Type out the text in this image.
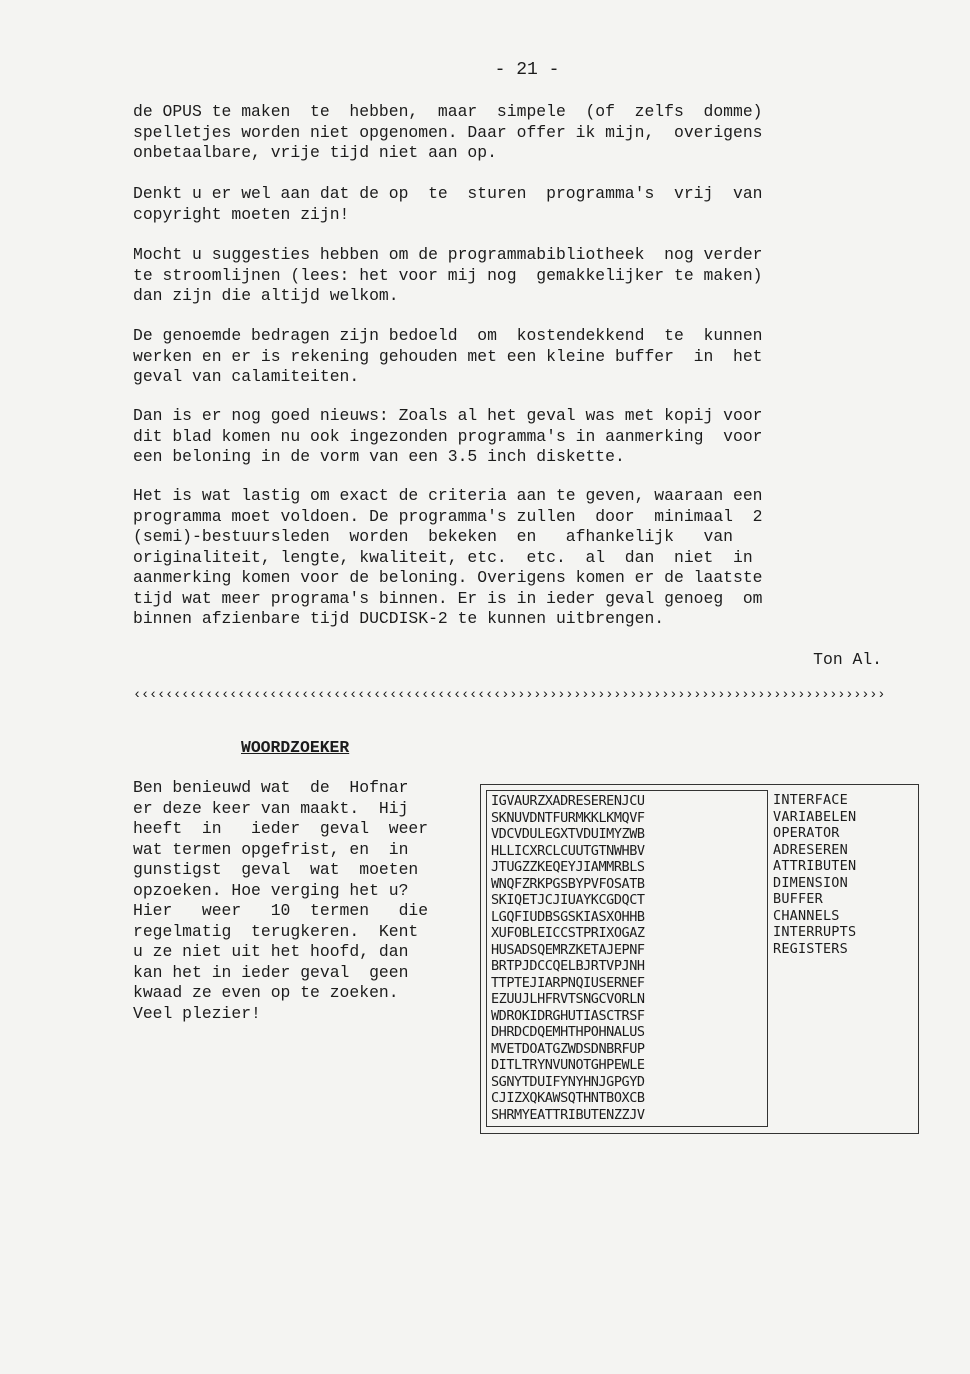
- 21 -
de OPUS te maken  te  hebben,  maar  simpele  (of  zelfs  domme)
spelletjes worden niet opgenomen. Daar offer ik mijn,  overigens
onbetaalbare, vrije tijd niet aan op.
Denkt u er wel aan dat de op  te  sturen  programma's  vrij  van
copyright moeten zijn!
Mocht u suggesties hebben om de programmabibliotheek  nog verder
te stroomlijnen (lees: het voor mij nog  gemakkelijker te maken)
dan zijn die altijd welkom.
De genoemde bedragen zijn bedoeld  om  kostendekkend  te  kunnen
werken en er is rekening gehouden met een kleine buffer  in  het
geval van calamiteiten.
Dan is er nog goed nieuws: Zoals al het geval was met kopij voor
dit blad komen nu ook ingezonden programma's in aanmerking  voor
een beloning in de vorm van een 3.5 inch diskette.
Het is wat lastig om exact de criteria aan te geven, waaraan een
programma moet voldoen. De programma's zullen  door  minimaal  2
(semi)-bestuursleden  worden  bekeken  en   afhankelijk   van
originaliteit, lengte, kwaliteit, etc.  etc.  al  dan  niet  in
aanmerking komen voor de beloning. Overigens komen er de laatste
tijd wat meer programa's binnen. Er is in ieder geval genoeg  om
binnen afzienbare tijd DUCDISK-2 te kunnen uitbrengen.
Ton Al.
‹‹‹‹‹‹‹‹‹‹‹‹‹‹‹‹‹‹‹‹‹‹‹‹‹‹‹‹‹‹‹‹‹‹‹‹‹‹‹‹‹‹‹‹‹‹››››››››››››››››››››››››››››››››››››››››››››››››
WOORDZOEKER
Ben benieuwd wat  de  Hofnar
er deze keer van maakt.  Hij
heeft  in   ieder  geval  weer
wat termen opgefrist, en  in
gunstigst  geval  wat  moeten
opzoeken. Hoe verging het u?
Hier   weer   10  termen   die
regelmatig  terugkeren.  Kent
u ze niet uit het hoofd, dan
kan het in ieder geval  geen
kwaad ze even op te zoeken.
Veel plezier!
IGVAURZXADRESERENJCU
SKNUVDNTFURMKKLKMQVF
VDCVDULEGXTVDUIMYZWB
HLLICXRCLCUUTGTNWHBV
JTUGZZKEQEYJIAMMRBLS
WNQFZRKPGSBYPVFOSATB
SKIQETJCJIUAYKCGDQCT
LGQFIUDBSGSKIASXOHHB
XUFOBLEICCSTPRIXOGAZ
HUSADSQEMRZKETAJEPNF
BRTPJDCCQELBJRTVPJNH
TTPTEJIARPNQIUSERNEF
EZUUJLHFRVTSNGCVORLN
WDROKIDRGHUTIASCTRSF
DHRDCDQEMHTHPOHNALUS
MVETDOATGZWDSDNBRFUP
DITLTRYNVUNOTGHPEWLE
SGNYTDUIFYNYHNJGPGYD
CJIZXQKAWSQTHNTBOXCB
SHRMYEATTRIBUTENZZJV
INTERFACE
VARIABELEN
OPERATOR
ADRESEREN
ATTRIBUTEN
DIMENSION
BUFFER
CHANNELS
INTERRUPTS
REGISTERS
